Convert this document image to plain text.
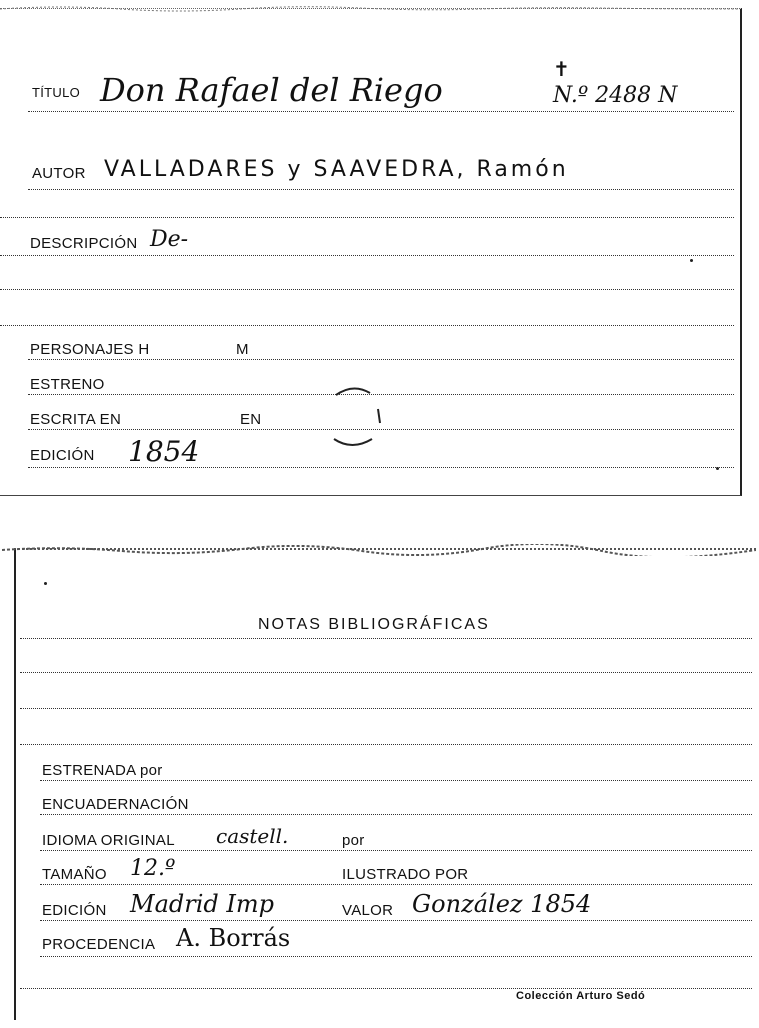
TÍTULO Don Rafael del Riego
✝
N.º 2488 N
AUTOR VALLADARES y SAAVEDRA, Ramón
DESCRIPCIÓN De-
PERSONAJES H	M
ESTRENO
ESCRITA EN	EN
EDICIÓN 1854
NOTAS BIBLIOGRÁFICAS
ESTRENADA por
ENCUADERNACIÓN
IDIOMA ORIGINAL castell.	por
TAMAÑO 12.º	ILUSTRADO POR
EDICIÓN Madrid Imp	VALOR González 1854
PROCEDENCIA A. Borrás
Colección Arturo Sedó
